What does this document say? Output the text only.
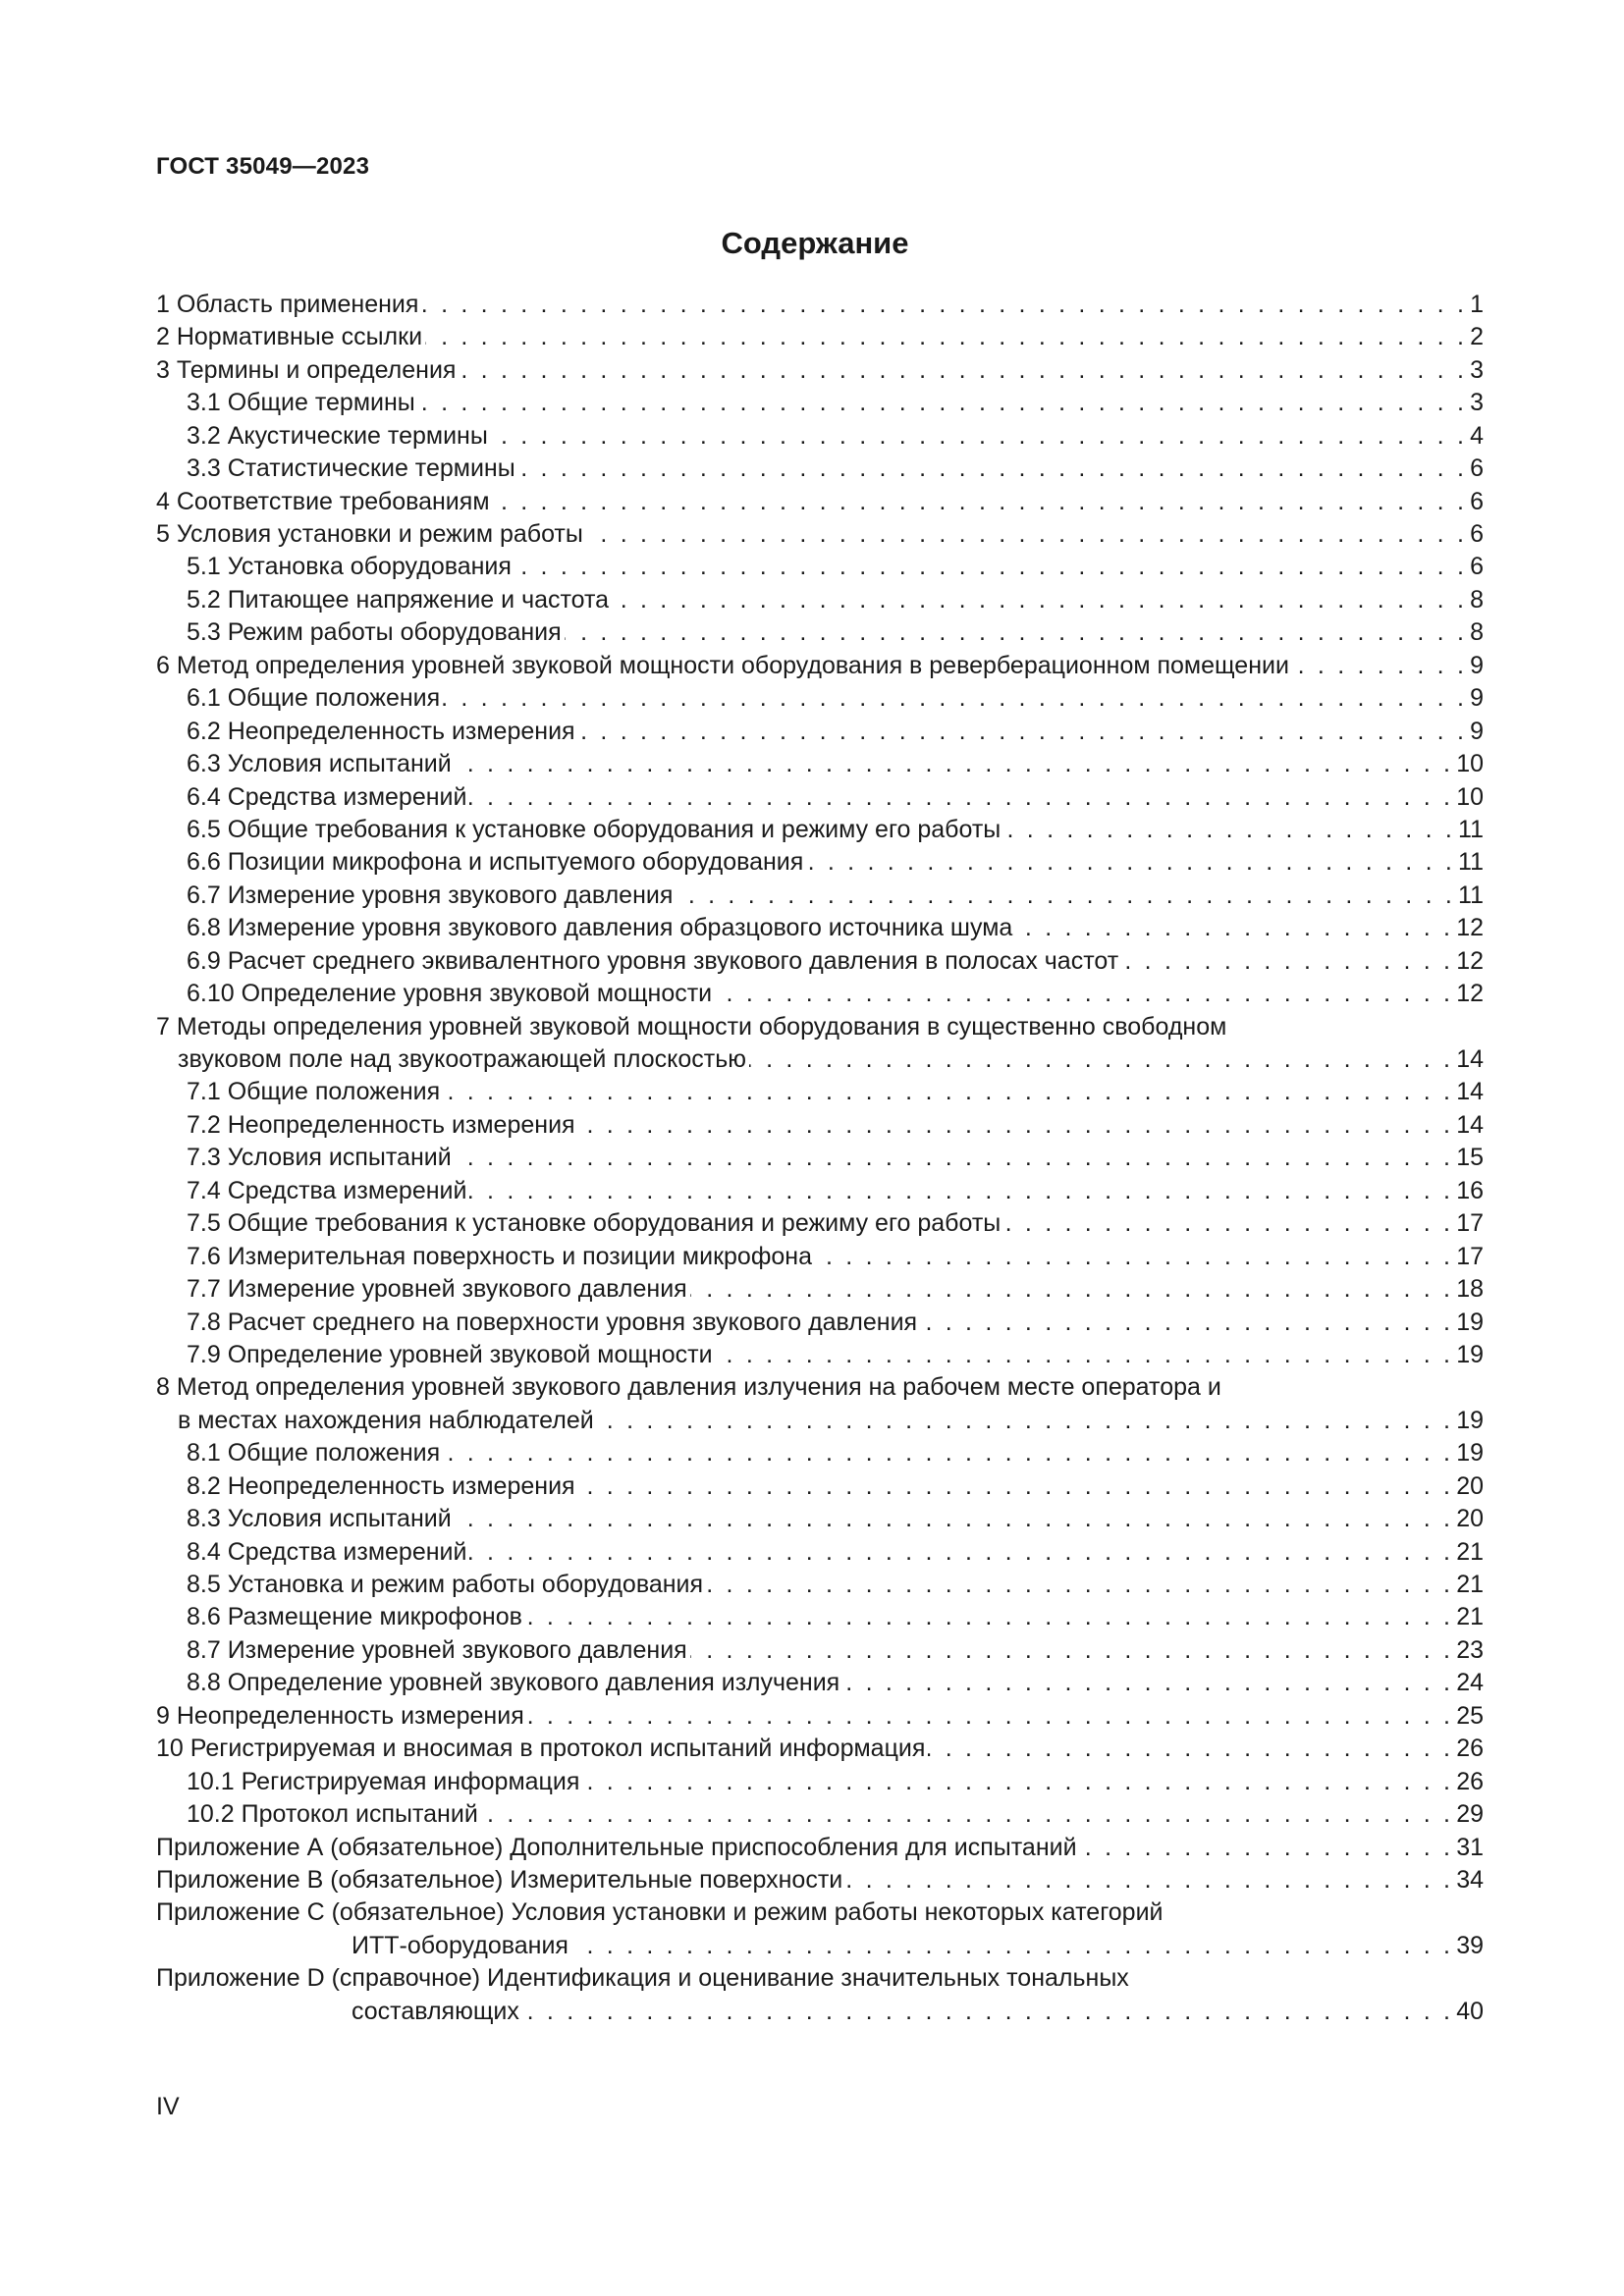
ГОСТ 35049—2023
Содержание
1 Область применения . . .	1
2 Нормативные ссылки . . .	2
3 Термины и определения . . .	3
3.1 Общие термины . . .	3
3.2 Акустические термины . . .	4
3.3 Статистические термины . . .	6
4 Соответствие требованиям . . .	6
5 Условия установки и режим работы . . .	6
5.1 Установка оборудования . . .	6
5.2 Питающее напряжение и частота . . .	8
5.3 Режим работы оборудования . . .	8
6 Метод определения уровней звуковой мощности оборудования в реверберационном помещении . . .	9
6.1 Общие положения . . .	9
6.2 Неопределенность измерения . . .	9
6.3 Условия испытаний . . .	10
6.4 Средства измерений . . .	10
6.5 Общие требования к установке оборудования и режиму его работы . . .	11
6.6 Позиции микрофона и испытуемого оборудования . . .	11
6.7 Измерение уровня звукового давления . . .	11
6.8 Измерение уровня звукового давления образцового источника шума . . .	12
6.9 Расчет среднего эквивалентного уровня звукового давления в полосах частот . . .	12
6.10 Определение уровня звуковой мощности . . .	12
7 Методы определения уровней звуковой мощности оборудования в существенно свободном
звуковом поле над звукоотражающей плоскостью . . .	14
7.1 Общие положения . . .	14
7.2 Неопределенность измерения . . .	14
7.3 Условия испытаний . . .	15
7.4 Средства измерений . . .	16
7.5 Общие требования к установке оборудования и режиму его работы . . .	17
7.6 Измерительная поверхность и позиции микрофона . . .	17
7.7 Измерение уровней звукового давления . . .	18
7.8 Расчет среднего на поверхности уровня звукового давления . . .	19
7.9 Определение уровней звуковой мощности . . .	19
8 Метод определения уровней звукового давления излучения на рабочем месте оператора и
в местах нахождения наблюдателей . . .	19
8.1 Общие положения . . .	19
8.2 Неопределенность измерения . . .	20
8.3 Условия испытаний . . .	20
8.4 Средства измерений . . .	21
8.5 Установка и режим работы оборудования . . .	21
8.6 Размещение микрофонов . . .	21
8.7 Измерение уровней звукового давления . . .	23
8.8 Определение уровней звукового давления излучения . . .	24
9 Неопределенность измерения . . .	25
10 Регистрируемая и вносимая в протокол испытаний информация . . .	26
10.1 Регистрируемая информация . . .	26
10.2 Протокол испытаний . . .	29
Приложение А (обязательное) Дополнительные приспособления для испытаний . . .	31
Приложение В (обязательное) Измерительные поверхности . . .	34
Приложение С (обязательное) Условия установки и режим работы некоторых категорий
ИТТ-оборудования . . .	39
Приложение D (справочное) Идентификация и оценивание значительных тональных
составляющих . . .	40
IV
